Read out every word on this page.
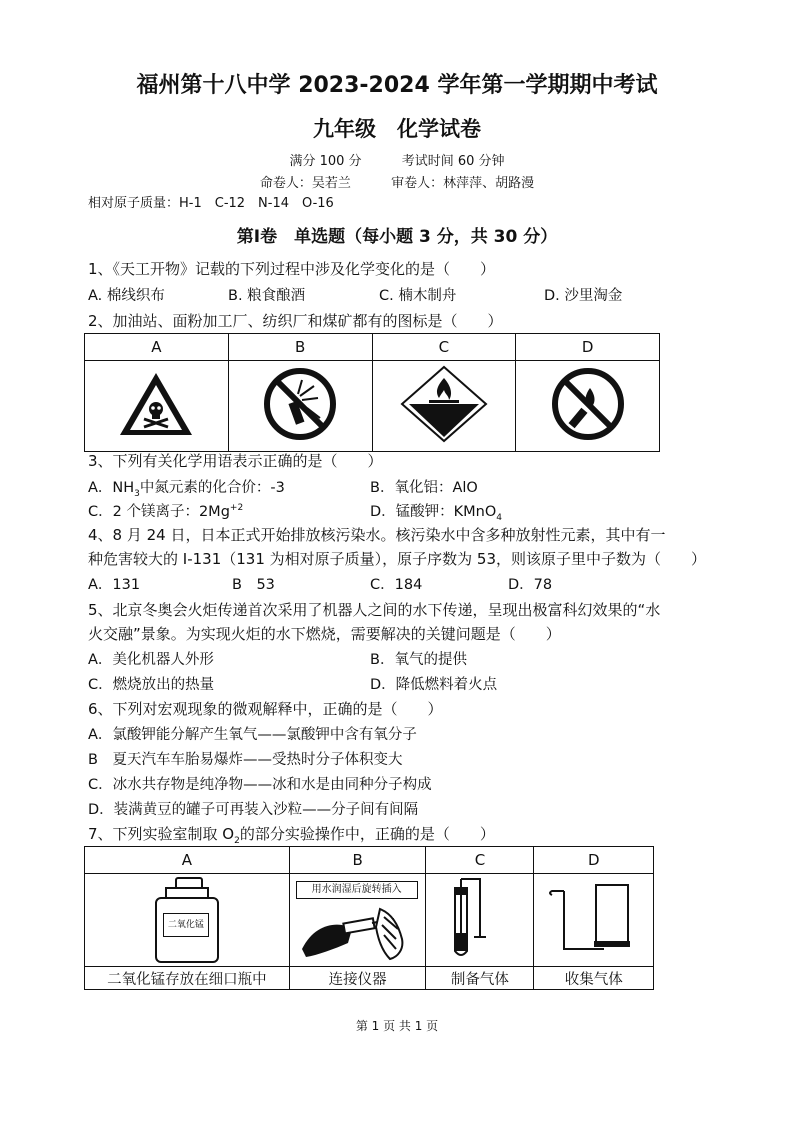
福州第十八中学 2023-2024 学年第一学期期中考试
九年级　化学试卷
满分 100 分	考试时间 60 分钟
命卷人：吴若兰	审卷人：林萍萍、胡路漫
相对原子质量：H-1　C-12　N-14　O-16
第Ⅰ卷　单选题（每小题 3 分，共 30 分）
1、《天工开物》记载的下列过程中涉及化学变化的是（　　）
A. 棉线织布	B. 粮食酿酒	C. 楠木制舟	D. 沙里淘金
2、加油站、面粉加工厂、纺织厂和煤矿都有的图标是（　　）
A	B	C	D

3、下列有关化学用语表示正确的是（　　）
A．$NH_3$中氮元素的化合价：-3	B．氧化铝：AlO
C．2 个镁离子：$2Mg^{+2}$	D．锰酸钾：KMnO$_4$
4、8 月 24 日，日本正式开始排放核污染水。核污染水中含多种放射性元素，其中有一
种危害较大的 I-131（131 为相对原子质量），原子序数为 53，则该原子里中子数为（　　）
A．131	B　53	C．184	D．78
5、北京冬奥会火炬传递首次采用了机器人之间的水下传递，呈现出极富科幻效果的“水
火交融”景象。为实现火炬的水下燃烧，需要解决的关键问题是（　　）
A．美化机器人外形	B．氧气的提供
C．燃烧放出的热量	D．降低燃料着火点
6、下列对宏观现象的微观解释中，正确的是（　　）
A．氯酸钾能分解产生氧气——氯酸钾中含有氧分子
B　夏天汽车车胎易爆炸——受热时分子体积变大
C．冰水共存物是纯净物——冰和水是由同种分子构成
D．装满黄豆的罐子可再装入沙粒——分子间有间隔
7、下列实验室制取 $O_2$的部分实验操作中，正确的是（　　）
A	B	C	D

二氧化锰	用水润湿后旋转插入

二氧化锰存放在细口瓶中	连接仪器	制备气体	收集气体
第 1 页 共 1 页
